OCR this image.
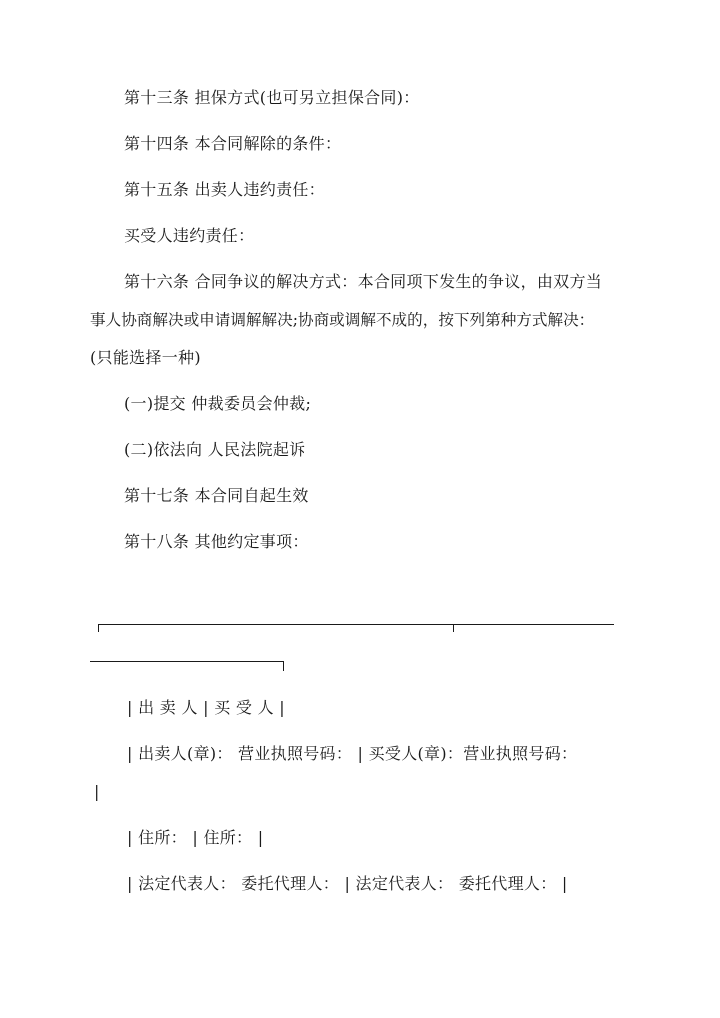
第十三条 担保方式(也可另立担保合同)：
第十四条 本合同解除的条件：
第十五条 出卖人违约责任：
买受人违约责任：
第十六条 合同争议的解决方式：本合同项下发生的争议，由双方当
事人协商解决或申请调解解决;协商或调解不成的，按下列第种方式解决：
(只能选择一种)
(一)提交 仲裁委员会仲裁;
(二)依法向 人民法院起诉
第十七条 本合同自起生效
第十八条 其他约定事项：
| 出 卖 人 | 买 受 人 |
| 出卖人(章)： 营业执照号码： | 买受人(章)：营业执照号码：
|
| 住所： | 住所： |
| 法定代表人： 委托代理人： | 法定代表人： 委托代理人： |
